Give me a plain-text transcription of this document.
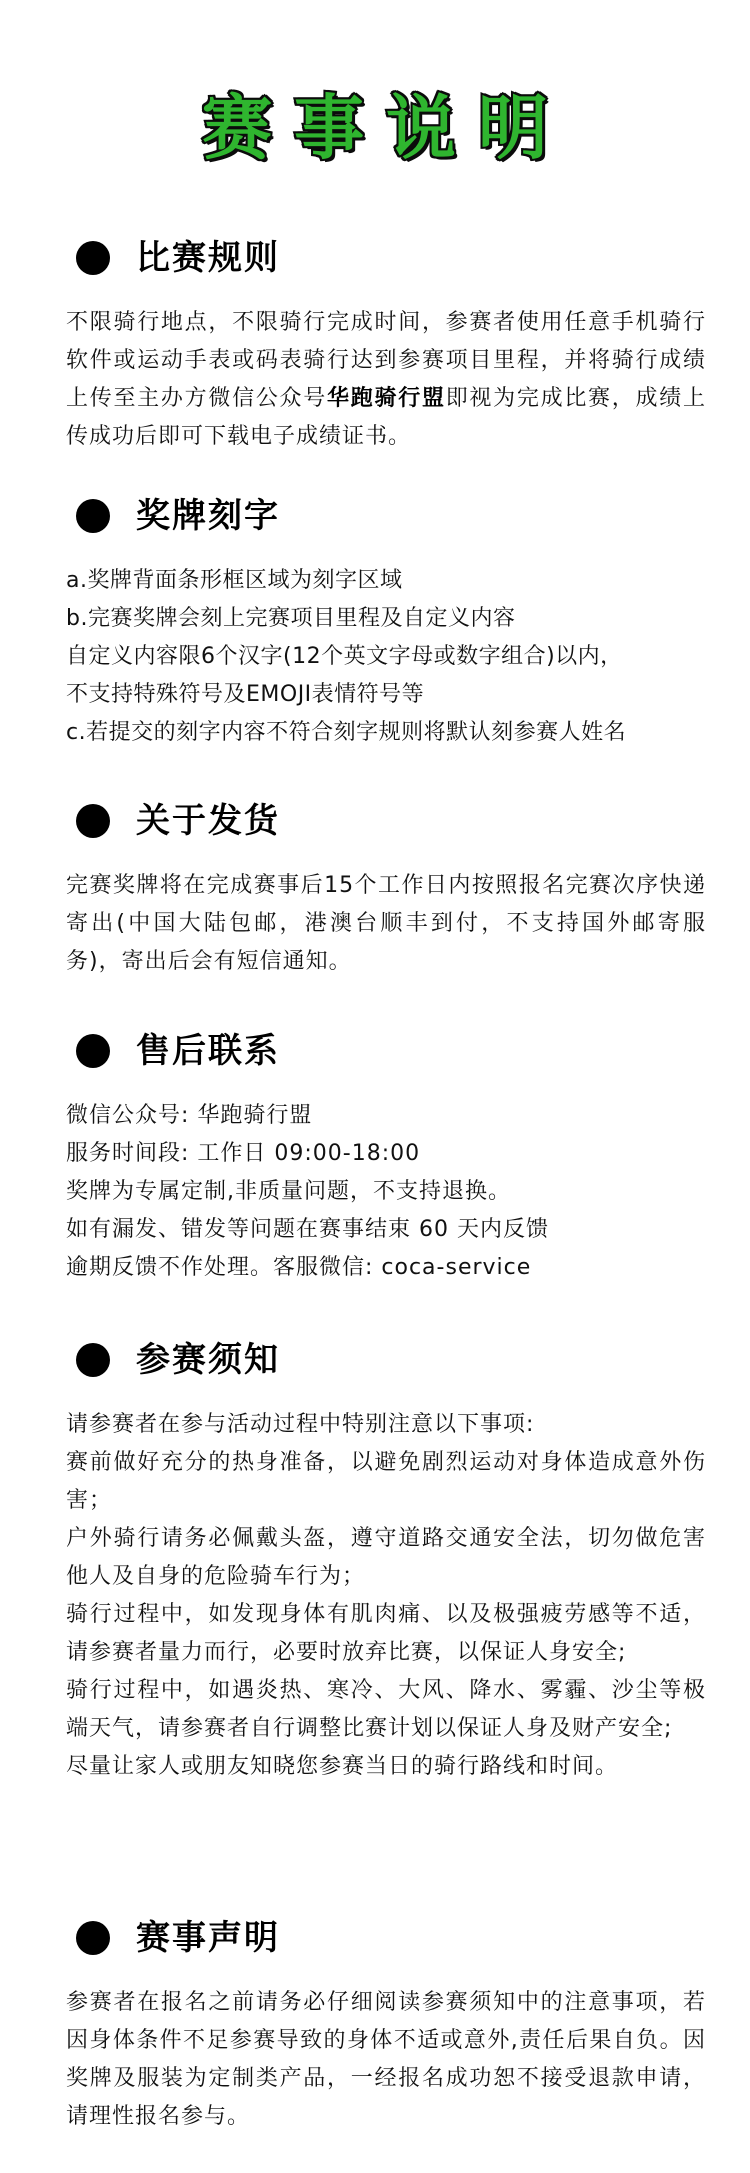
赛事说明
比赛规则
不限骑行地点，不限骑行完成时间，参赛者使用任意手机骑行软件或运动手表或码表骑行达到参赛项目里程，并将骑行成绩上传至主办方微信公众号华跑骑行盟即视为完成比赛，成绩上传成功后即可下载电子成绩证书。
奖牌刻字
a.奖牌背面条形框区域为刻字区域
b.完赛奖牌会刻上完赛项目里程及自定义内容
自定义内容限6个汉字(12个英文字母或数字组合)以内，
不支持特殊符号及EMOJI表情符号等
c.若提交的刻字内容不符合刻字规则将默认刻参赛人姓名
关于发货
完赛奖牌将在完成赛事后15个工作日内按照报名完赛次序快递寄出(中国大陆包邮，港澳台顺丰到付，不支持国外邮寄服务)，寄出后会有短信通知。
售后联系
微信公众号: 华跑骑行盟
服务时间段: 工作日 09:00-18:00
奖牌为专属定制,非质量问题，不支持退换。
如有漏发、错发等问题在赛事结束 60 天内反馈
逾期反馈不作处理。客服微信: coca-service
参赛须知
请参赛者在参与活动过程中特别注意以下事项:
赛前做好充分的热身准备，以避免剧烈运动对身体造成意外伤害；
户外骑行请务必佩戴头盔，遵守道路交通安全法，切勿做危害他人及自身的危险骑车行为；
骑行过程中，如发现身体有肌肉痛、以及极强疲劳感等不适，请参赛者量力而行，必要时放弃比赛，以保证人身安全;
骑行过程中，如遇炎热、寒冷、大风、降水、雾霾、沙尘等极端天气，请参赛者自行调整比赛计划以保证人身及财产安全;
尽量让家人或朋友知晓您参赛当日的骑行路线和时间。
赛事声明
参赛者在报名之前请务必仔细阅读参赛须知中的注意事项，若因身体条件不足参赛导致的身体不适或意外,责任后果自负。因奖牌及服装为定制类产品，一经报名成功恕不接受退款申请，请理性报名参与。
